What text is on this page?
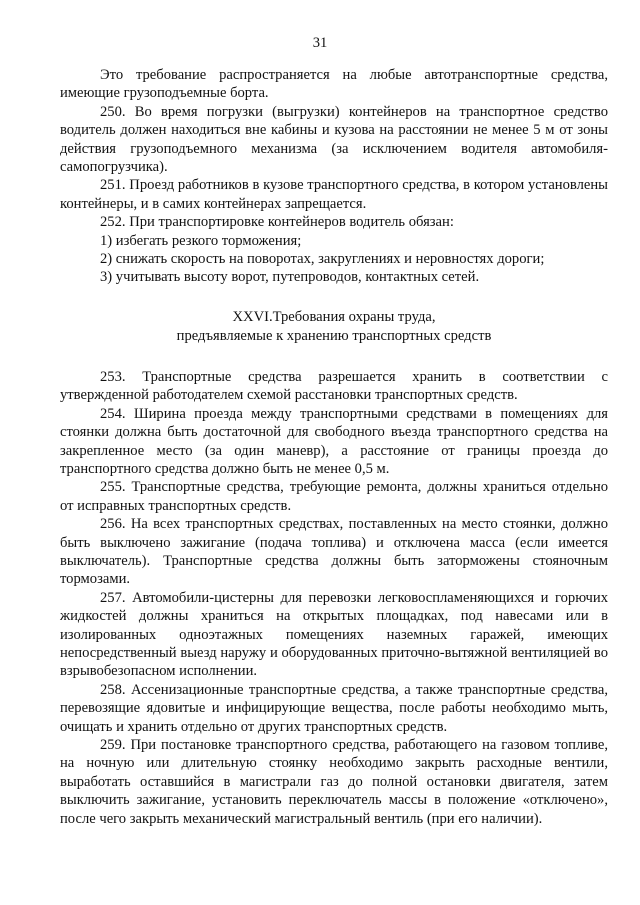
31

Это требование распространяется на любые автотранспортные средства, имеющие грузоподъемные борта.

250. Во время погрузки (выгрузки) контейнеров на транспортное средство водитель должен находиться вне кабины и кузова на расстоянии не менее 5 м от зоны действия грузоподъемного механизма (за исключением водителя автомобиля-самопогрузчика).

251. Проезд работников в кузове транспортного средства, в котором установлены контейнеры, и в самих контейнерах запрещается.

252. При транспортировке контейнеров водитель обязан:

1) избегать резкого торможения;

2) снижать скорость на поворотах, закруглениях и неровностях дороги;

3) учитывать высоту ворот, путепроводов, контактных сетей.

XXVI.Требования охраны труда,
предъявляемые к хранению транспортных средств

253. Транспортные средства разрешается хранить в соответствии с утвержденной работодателем схемой расстановки транспортных средств.

254. Ширина проезда между транспортными средствами в помещениях для стоянки должна быть достаточной для свободного въезда транспортного средства на закрепленное место (за один маневр), а расстояние от границы проезда до транспортного средства должно быть не менее 0,5 м.

255. Транспортные средства, требующие ремонта, должны храниться отдельно от исправных транспортных средств.

256. На всех транспортных средствах, поставленных на место стоянки, должно быть выключено зажигание (подача топлива) и отключена масса (если имеется выключатель). Транспортные средства должны быть заторможены стояночным тормозами.

257. Автомобили-цистерны для перевозки легковоспламеняющихся и горючих жидкостей должны храниться на открытых площадках, под навесами или в изолированных одноэтажных помещениях наземных гаражей, имеющих непосредственный выезд наружу и оборудованных приточно-вытяжной вентиляцией во взрывобезопасном исполнении.

258. Ассенизационные транспортные средства, а также транспортные средства, перевозящие ядовитые и инфицирующие вещества, после работы необходимо мыть, очищать и хранить отдельно от других транспортных средств.

259. При постановке транспортного средства, работающего на газовом топливе, на ночную или длительную стоянку необходимо закрыть расходные вентили, выработать оставшийся в магистрали газ до полной остановки двигателя, затем выключить зажигание, установить переключатель массы в положение «отключено», после чего закрыть механический магистральный вентиль (при его наличии).
